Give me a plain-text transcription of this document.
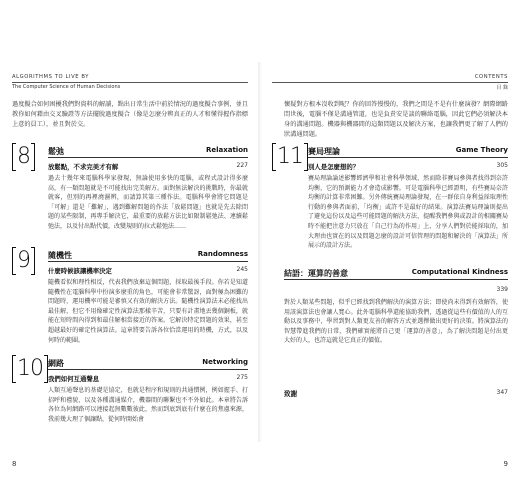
ALGORITHMS TO LIVE BY
The Computer Science of Human Decisions
過度擬合如何困擾我們對資料的解讀，點出日常生活中前於情況的過度擬合事例，並且教你如何藉由交叉驗證等方法擺脫過度擬合（像是怎麼分辨真正的人才和懂得握作指標上意的員工），並且對於交。
8 鬆弛	Relaxation
放鬆點，不求完美才有解	227
過去十幾年來電腦科學家發現，無論使用多快的電腦，或程式設計得多麼高，有一類問題就是不可能找出完美解方。面對無法解決的挑戰時，你最就就客，但別的再裡澆濕辨，而請算其第三種作法。電腦科學會將它問題是「可解」還是「難解」，遇到難解問題的作法「放鬆問題」也就是先去除問題的某些限制，再專手解決它，最重要的放鬆方法比如限制鬆弛法、連續鬆弛法，以及付出點代價，改變規則的拉式鬆弛法……
9 隨機性	Randomness
什麼時候該讓機率決定	245
隨機看似和理性相反，代表我們放棄這個問題，採取最後手段。你若是知道隨機性在電腦科學中扮演多麼重的角色，可能會非常驚訝，面對極為困難的問題時，運用機率可能是審慎又有效的解決方法。隨機性演算法未必能找出最佳解，但它不用像確定性演算法那樣辛苦，只要有計畫地丟幾個銅板，就能在短時間內得到和最佳解相當接近的答案。它解決特定問題的效果，甚至超越最好的確定性演算法。這章將要告訴各位恰當運用的時機，方式，以及何時的範圍。
10 網路	Networking
我們如何互通聲息	275
人類互通聲息的基礎是協定，也就是程序和規則的共通慣例，例如握手、打招呼和禮貌，以及各種溝通媒介，機器間的聯繫也不不外如此。本章將告訴各位為何網路可以連接起無數數彼此，然而到底到底有什麼在的焦慮來源，我前幾大理了個讓點，從何時開始會
8
CONTENTS
目 錄
懷疑對方根本沒收到呢？你的回答慢慢的，我們之間是不是有什麼演發？網際網路問世後，電腦不僅是溝通管道，也是負責安是談的聯絡電腦，因此它們必須解決本身的溝通問題。機器與機器間的這類問題以及解決方案，也讓我們更了解了人們的狀溝通問題。
11 賽局理論	Game Theory
別人是怎麼想的？	305
賽局理論論述影響經濟學和社會科學領域，然而除非賽局參與者找得到奈許均衡，它的預測能力才會造成影響。可是電腦科學已經證明，有些賽局奈許均衡的計算非常困難。另外傳統賽局理論發現，在一群依自身利益採取理性行動的參與者面前，「均衡」或許不是最好的結果。演算法賽局理論則提出了避免這份以及這些可能問題的解決方法，提醒我們參與或設計的相關賽局時不能把注意力只放在「自己行為的作用」上，分享人們對於能採取的，加大理由也實在的以及問題怎麼的設計可信管理的問題和解決的「演算法」所展示的設計方法。
結語：運算的善意	Computational Kindness
339
對於人類某些問題，似乎已經找到我們解決的演算方法；即使尚未得到有效解答，使用該演算法也會讓人寬心。此外電腦科學還能協助我們，透過從這些有價值的人的互動以及事務中，學習到對人類更友善的解答方式並選擇做出更好的決策。將演算法的智慧帶進我們的日常，我們確實能將自己更「運算的善意」，為了解決問題是付出更大好的人，也許這就是它真正的價值。
致謝	347
9
